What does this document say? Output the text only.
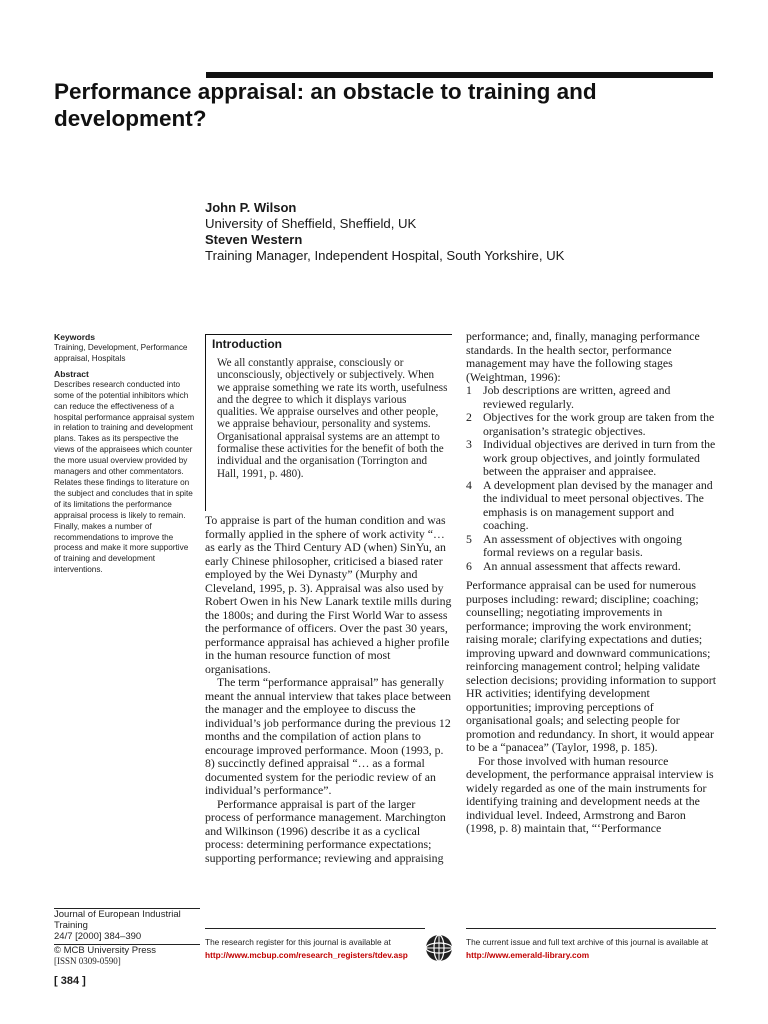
Performance appraisal: an obstacle to training and development?
John P. Wilson
University of Sheffield, Sheffield, UK
Steven Western
Training Manager, Independent Hospital, South Yorkshire, UK
Keywords

Training, Development, Performance appraisal, Hospitals

Abstract

Describes research conducted into some of the potential inhibitors which can reduce the effectiveness of a hospital performance appraisal system in relation to training and development plans. Takes as its perspective the views of the appraisees which counter the more usual overview provided by managers and other commentators. Relates these findings to literature on the subject and concludes that in spite of its limitations the performance appraisal process is likely to remain. Finally, makes a number of recommendations to improve the process and make it more supportive of training and development interventions.

Journal of European Industrial Training
24/7 [2000] 384–390
© MCB University Press
[ISSN 0309-0590]
[ 384 ]
Introduction

We all constantly appraise, consciously or unconsciously, objectively or subjectively. When we appraise something we rate its worth, usefulness and the degree to which it displays various qualities. We appraise ourselves and other people, we appraise behaviour, personality and systems. Organisational appraisal systems are an attempt to formalise these activities for the benefit of both the individual and the organisation (Torrington and Hall, 1991, p. 480).

To appraise is part of the human condition and was formally applied in the sphere of work activity “… as early as the Third Century AD (when) SinYu, an early Chinese philosopher, criticised a biased rater employed by the Wei Dynasty” (Murphy and Cleveland, 1995, p. 3). Appraisal was also used by Robert Owen in his New Lanark textile mills during the 1800s; and during the First World War to assess the performance of officers. Over the past 30 years, performance appraisal has achieved a higher profile in the human resource function of most organisations.

The term “performance appraisal” has generally meant the annual interview that takes place between the manager and the employee to discuss the individual’s job performance during the previous 12 months and the compilation of action plans to encourage improved performance. Moon (1993, p. 8) succinctly defined appraisal “… as a formal documented system for the periodic review of an individual’s performance”.

Performance appraisal is part of the larger process of performance management. Marchington and Wilkinson (1996) describe it as a cyclical process: determining performance expectations; supporting performance; reviewing and appraising

performance; and, finally, managing performance standards. In the health sector, performance management may have the following stages (Weightman, 1996):

1 Job descriptions are written, agreed and reviewed regularly.
2 Objectives for the work group are taken from the organisation’s strategic objectives.
3 Individual objectives are derived in turn from the work group objectives, and jointly formulated between the appraiser and appraisee.
4 A development plan devised by the manager and the individual to meet personal objectives. The emphasis is on management support and coaching.
5 An assessment of objectives with ongoing formal reviews on a regular basis.
6 An annual assessment that affects reward.

Performance appraisal can be used for numerous purposes including: reward; discipline; coaching; counselling; negotiating improvements in performance; improving the work environment; raising morale; clarifying expectations and duties; improving upward and downward communications; reinforcing management control; helping validate selection decisions; providing information to support HR activities; identifying development opportunities; improving perceptions of organisational goals; and selecting people for promotion and redundancy. In short, it would appear to be a “panacea” (Taylor, 1998, p. 185).

For those involved with human resource development, the performance appraisal interview is widely regarded as one of the main instruments for identifying training and development needs at the individual level. Indeed, Armstrong and Baron (1998, p. 8) maintain that, “‘Performance

The research register for this journal is available at
http://www.mcbup.com/research_registers/tdev.asp
The current issue and full text archive of this journal is available at
http://www.emerald-library.com
